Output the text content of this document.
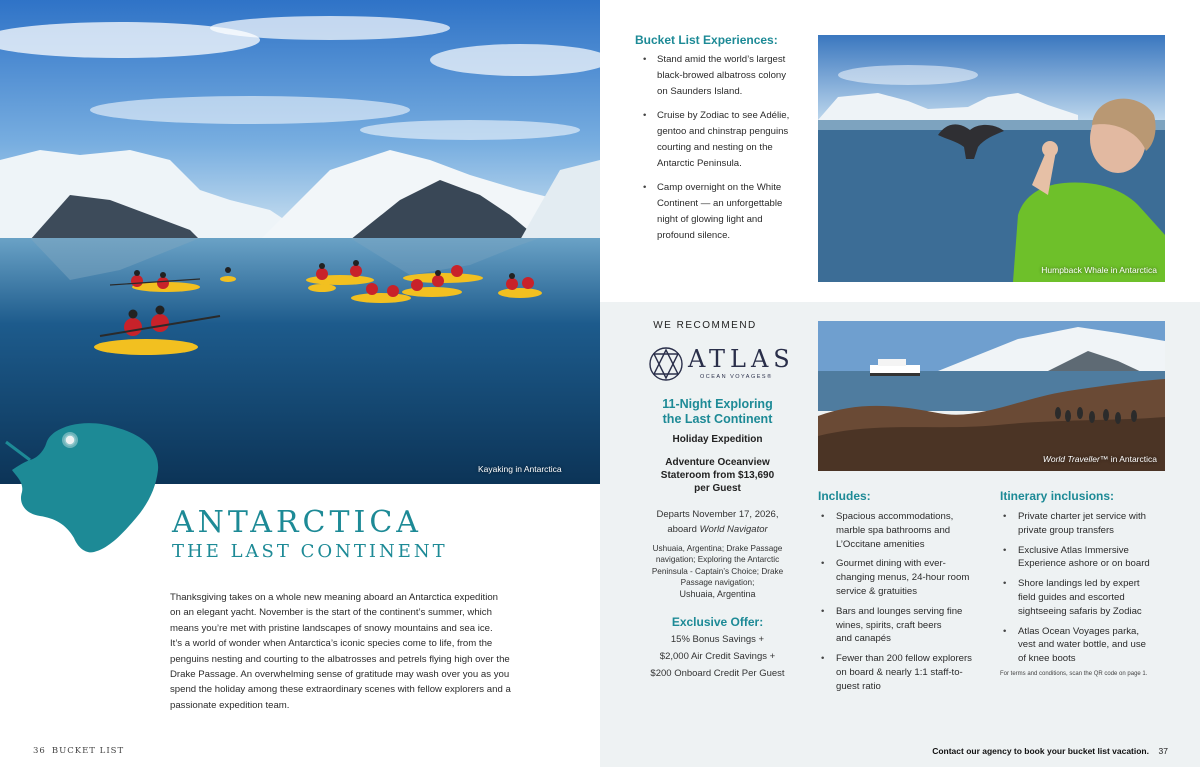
Kayaking in Antarctica
ANTARCTICA
THE LAST CONTINENT
Thanksgiving takes on a whole new meaning aboard an Antarctica expedition
on an elegant yacht. November is the start of the continent’s summer, which
means you’re met with pristine landscapes of snowy mountains and sea ice.
It’s a world of wonder when Antarctica’s iconic species come to life, from the
penguins nesting and courting to the albatrosses and petrels flying high over the
Drake Passage. An overwhelming sense of gratitude may wash over you as you
spend the holiday among these extraordinary scenes with fellow explorers and a
passionate expedition team.
36 BUCKET LIST
Bucket List Experiences:
• Stand amid the world’s largest
black-browed albatross colony
on Saunders Island.
• Cruise by Zodiac to see Adélie,
gentoo and chinstrap penguins
courting and nesting on the
Antarctic Peninsula.
• Camp overnight on the White
Continent — an unforgettable
night of glowing light and
profound silence.
Humpback Whale in Antarctica
World Traveller™ in Antarctica
WE RECOMMEND
ATLAS
OCEAN VOYAGES®
11-Night Exploring
the Last Continent
Holiday Expedition
Adventure Oceanview
Stateroom from $13,690
per Guest
Departs November 17, 2026,
aboard World Navigator
Ushuaia, Argentina; Drake Passage
navigation; Exploring the Antarctic
Peninsula - Captain’s Choice; Drake
Passage navigation;
Ushuaia, Argentina
Exclusive Offer:
15% Bonus Savings +
$2,000 Air Credit Savings +
$200 Onboard Credit Per Guest
Includes:
• Spacious accommodations,
marble spa bathrooms and
L’Occitane amenities
• Gourmet dining with ever-
changing menus, 24-hour room
service & gratuities
• Bars and lounges serving fine
wines, spirits, craft beers
and canapés
• Fewer than 200 fellow explorers
on board & nearly 1:1 staff-to-
guest ratio
Itinerary inclusions:
• Private charter jet service with
private group transfers
• Exclusive Atlas Immersive
Experience ashore or on board
• Shore landings led by expert
field guides and escorted
sightseeing safaris by Zodiac
• Atlas Ocean Voyages parka,
vest and water bottle, and use
of knee boots
For terms and conditions, scan the QR code on page 1.
Contact our agency to book your bucket list vacation. 37
